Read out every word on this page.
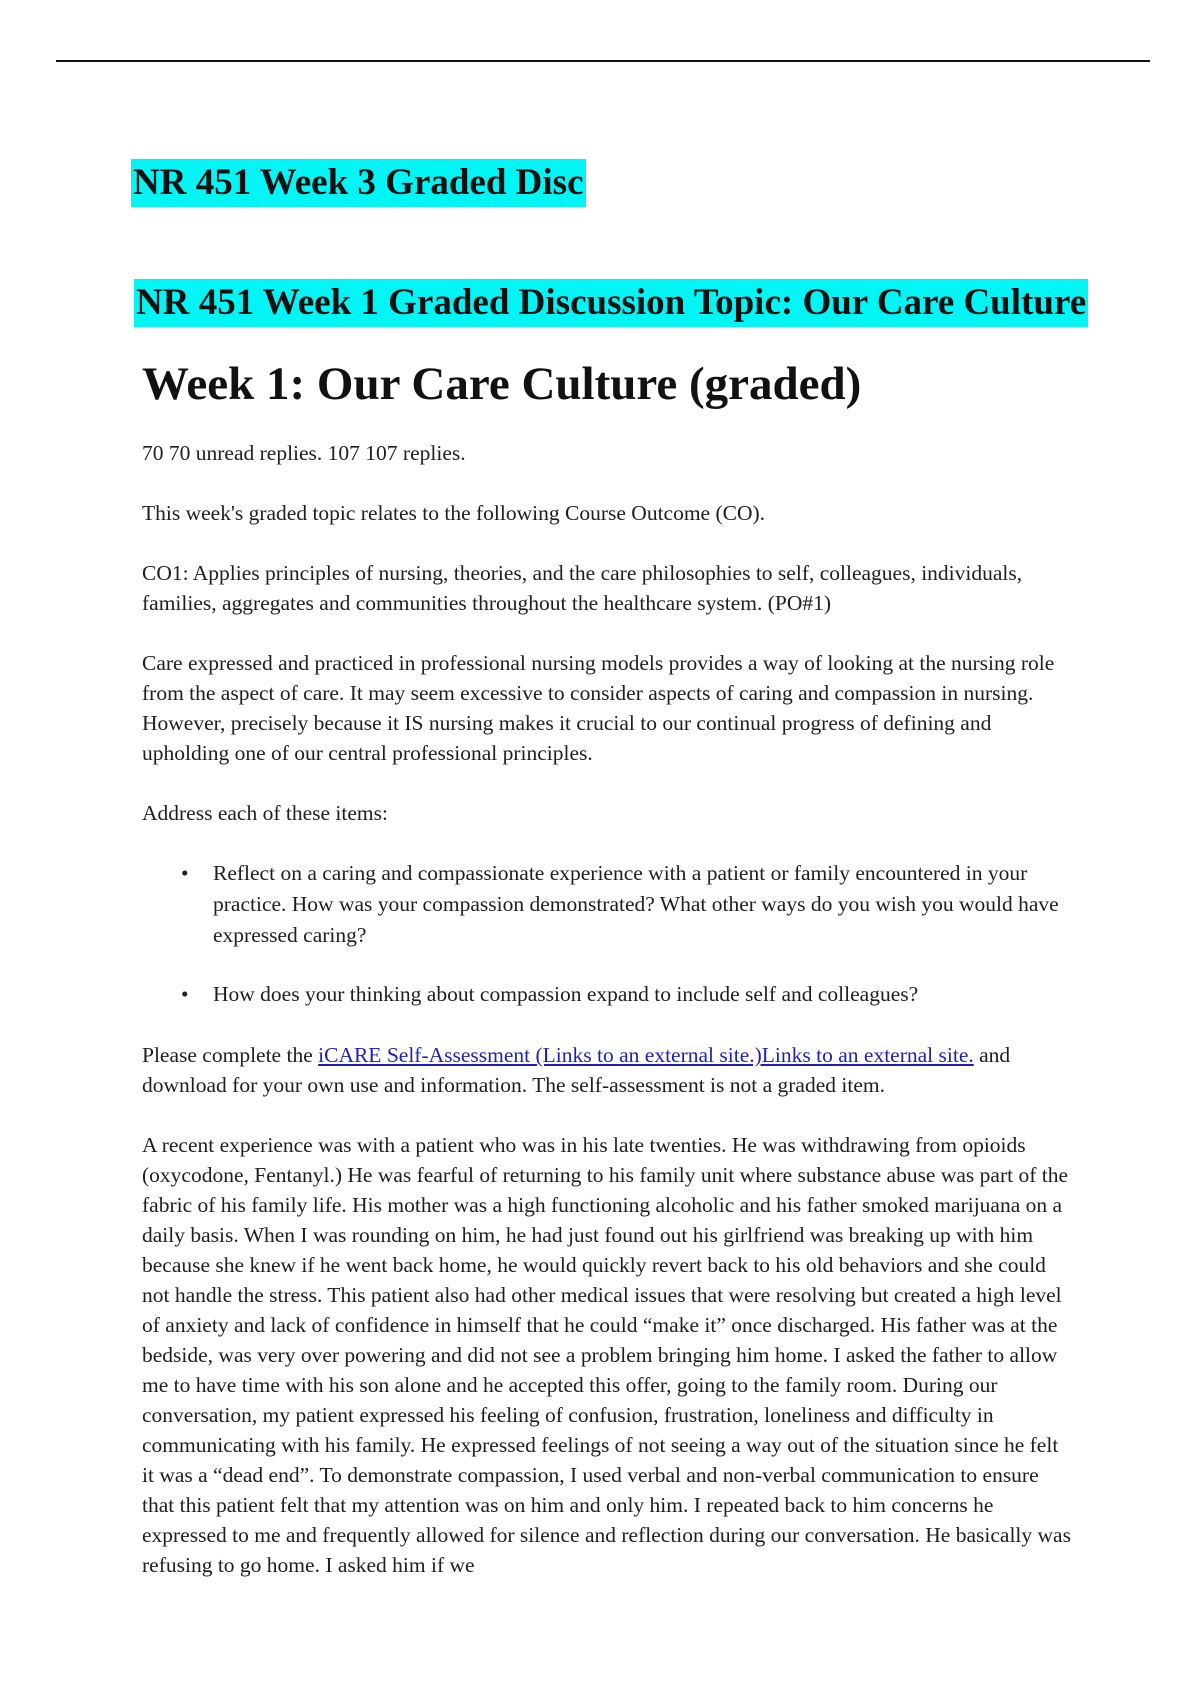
NR 451 Week 3 Graded Disc
NR 451 Week 1 Graded Discussion Topic: Our Care Culture
Week 1: Our Care Culture (graded)

70 70 unread replies. 107 107 replies.

This week's graded topic relates to the following Course Outcome (CO).

CO1: Applies principles of nursing, theories, and the care philosophies to self, colleagues, individuals, families, aggregates and communities throughout the healthcare system. (PO#1)

Care expressed and practiced in professional nursing models provides a way of looking at the nursing role from the aspect of care. It may seem excessive to consider aspects of caring and compassion in nursing. However, precisely because it IS nursing makes it crucial to our continual progress of defining and upholding one of our central professional principles.

Address each of these items:

• Reflect on a caring and compassionate experience with a patient or family encountered in your practice. How was your compassion demonstrated? What other ways do you wish you would have expressed caring?
• How does your thinking about compassion expand to include self and colleagues?

Please complete the iCARE Self-Assessment (Links to an external site.)Links to an external site. and download for your own use and information. The self-assessment is not a graded item.

A recent experience was with a patient who was in his late twenties. He was withdrawing from opioids (oxycodone, Fentanyl.) He was fearful of returning to his family unit where substance abuse was part of the fabric of his family life. His mother was a high functioning alcoholic and his father smoked marijuana on a daily basis. When I was rounding on him, he had just found out his girlfriend was breaking up with him because she knew if he went back home, he would quickly revert back to his old behaviors and she could not handle the stress. This patient also had other medical issues that were resolving but created a high level of anxiety and lack of confidence in himself that he could “make it” once discharged. His father was at the bedside, was very over powering and did not see a problem bringing him home. I asked the father to allow me to have time with his son alone and he accepted this offer, going to the family room. During our conversation, my patient expressed his feeling of confusion, frustration, loneliness and difficulty in communicating with his family. He expressed feelings of not seeing a way out of the situation since he felt it was a “dead end”. To demonstrate compassion, I used verbal and non-verbal communication to ensure that this patient felt that my attention was on him and only him. I repeated back to him concerns he expressed to me and frequently allowed for silence and reflection during our conversation. He basically was refusing to go home. I asked him if we
